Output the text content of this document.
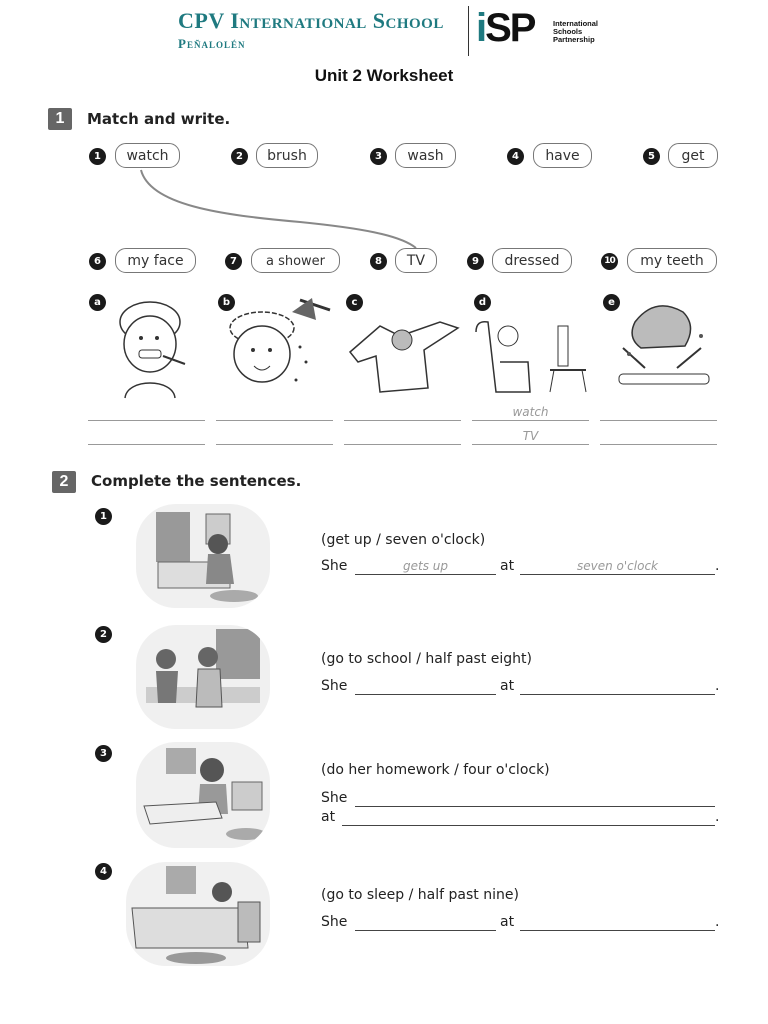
CPV International School
Peñalolén	iSP International
Schools
Partnership
Unit 2 Worksheet
1	Match and write.
1	watch	2	brush	3	wash	4	have	5	get
6	my face	7	a shower	8	TV	9	dressed	10	my teeth
a	b	c	d	e
watch
TV
2	Complete the sentences.
1
(get up / seven o'clock)
She	gets up	at	seven o'clock	.
2
(go to school / half past eight)
She	at	.
3
(do her homework / four o'clock)
She
at	.
4
(go to sleep / half past nine)
She	at	.
